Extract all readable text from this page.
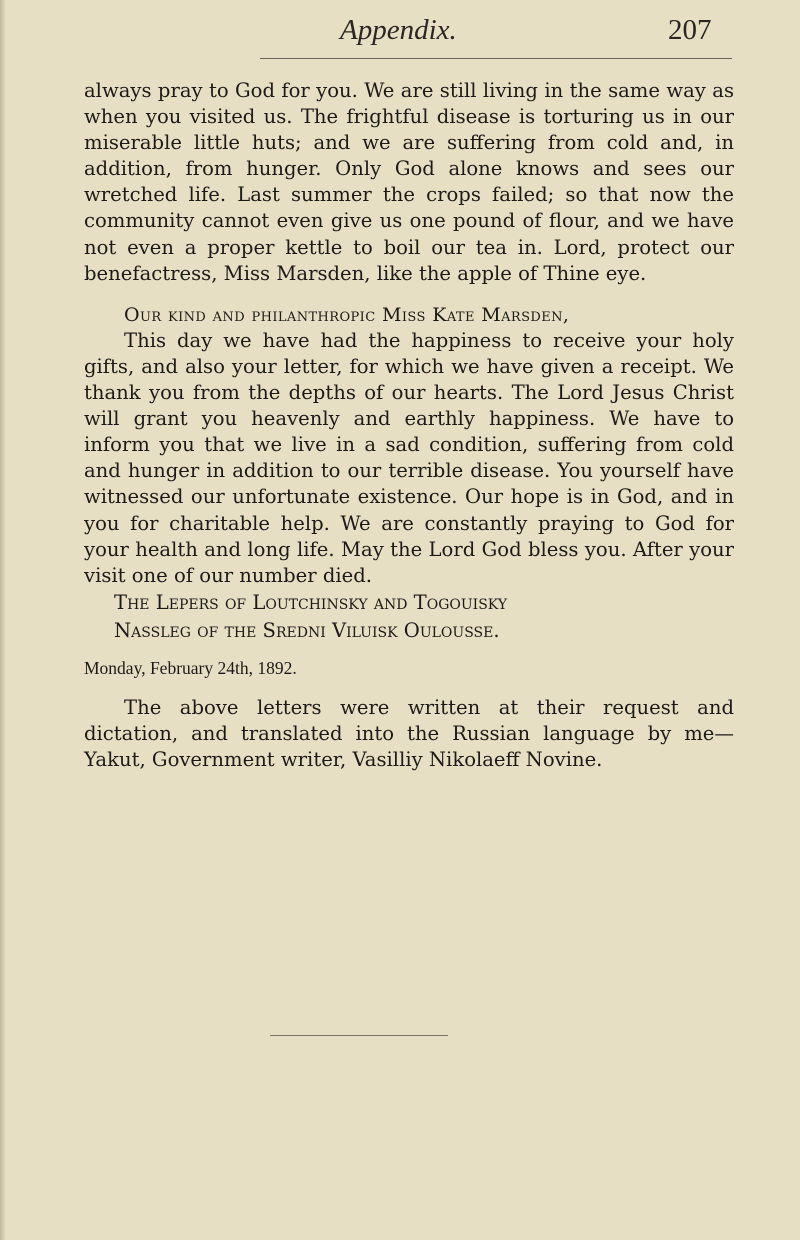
Appendix.	207

always pray to God for you. We are still living in the same way as when you visited us. The frightful disease is torturing us in our miserable little huts; and we are suffering from cold and, in addition, from hunger. Only God alone knows and sees our wretched life. Last summer the crops failed; so that now the community cannot even give us one pound of flour, and we have not even a proper kettle to boil our tea in. Lord, protect our benefactress, Miss Marsden, like the apple of Thine eye.

Our kind and philanthropic Miss Kate Marsden,

This day we have had the happiness to receive your holy gifts, and also your letter, for which we have given a receipt. We thank you from the depths of our hearts. The Lord Jesus Christ will grant you heavenly and earthly happiness. We have to inform you that we live in a sad condition, suffering from cold and hunger in addition to our terrible disease. You yourself have witnessed our unfortunate existence. Our hope is in God, and in you for charitable help. We are constantly praying to God for your health and long life. May the Lord God bless you. After your visit one of our number died.

The Lepers of Loutchinsky and Togouisky
Nassleg of the Sredni Viluisk Oulousse.

Monday, February 24th, 1892.

The above letters were written at their request and dictation, and translated into the Russian language by me—Yakut, Government writer, Vasilliy Nikolaeff Novine.
